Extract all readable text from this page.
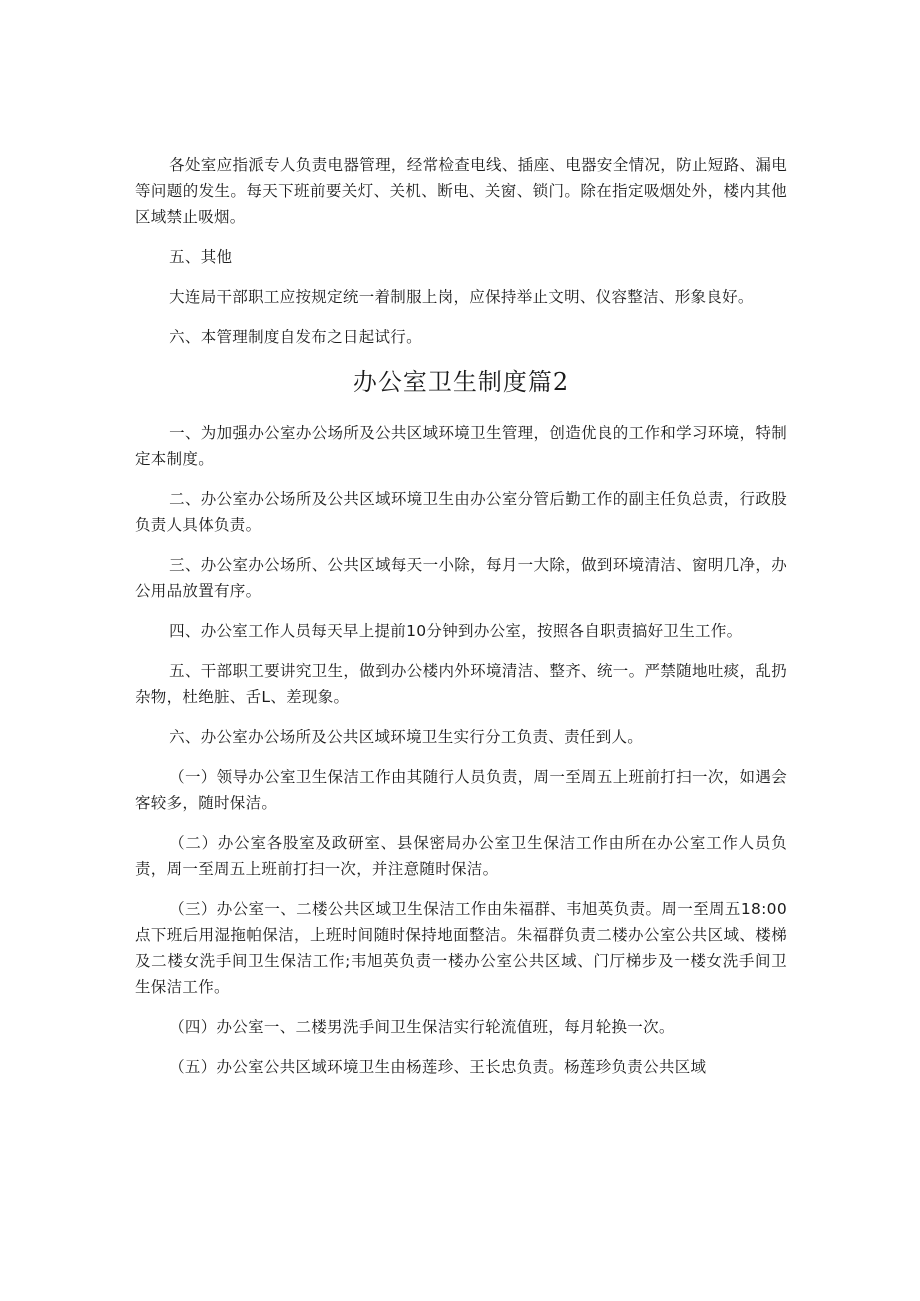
各处室应指派专人负责电器管理，经常检查电线、插座、电器安全情况，防止短路、漏电等问题的发生。每天下班前要关灯、关机、断电、关窗、锁门。除在指定吸烟处外，楼内其他区域禁止吸烟。

五、其他

大连局干部职工应按规定统一着制服上岗，应保持举止文明、仪容整洁、形象良好。

六、本管理制度自发布之日起试行。

办公室卫生制度篇2

一、为加强办公室办公场所及公共区域环境卫生管理，创造优良的工作和学习环境，特制定本制度。

二、办公室办公场所及公共区域环境卫生由办公室分管后勤工作的副主任负总责，行政股负责人具体负责。

三、办公室办公场所、公共区域每天一小除，每月一大除，做到环境清洁、窗明几净，办公用品放置有序。

四、办公室工作人员每天早上提前10分钟到办公室，按照各自职责搞好卫生工作。

五、干部职工要讲究卫生，做到办公楼内外环境清洁、整齐、统一。严禁随地吐痰，乱扔杂物，杜绝脏、舌L、差现象。

六、办公室办公场所及公共区域环境卫生实行分工负责、责任到人。

（一）领导办公室卫生保洁工作由其随行人员负责，周一至周五上班前打扫一次，如遇会客较多，随时保洁。

（二）办公室各股室及政研室、县保密局办公室卫生保洁工作由所在办公室工作人员负责，周一至周五上班前打扫一次，并注意随时保洁。

（三）办公室一、二楼公共区域卫生保洁工作由朱福群、韦旭英负责。周一至周五18:00点下班后用湿拖帕保洁，上班时间随时保持地面整洁。朱福群负责二楼办公室公共区域、楼梯及二楼女洗手间卫生保洁工作;韦旭英负责一楼办公室公共区域、门厅梯步及一楼女洗手间卫生保洁工作。

（四）办公室一、二楼男洗手间卫生保洁实行轮流值班，每月轮换一次。

（五）办公室公共区域环境卫生由杨莲珍、王长忠负责。杨莲珍负责公共区域
